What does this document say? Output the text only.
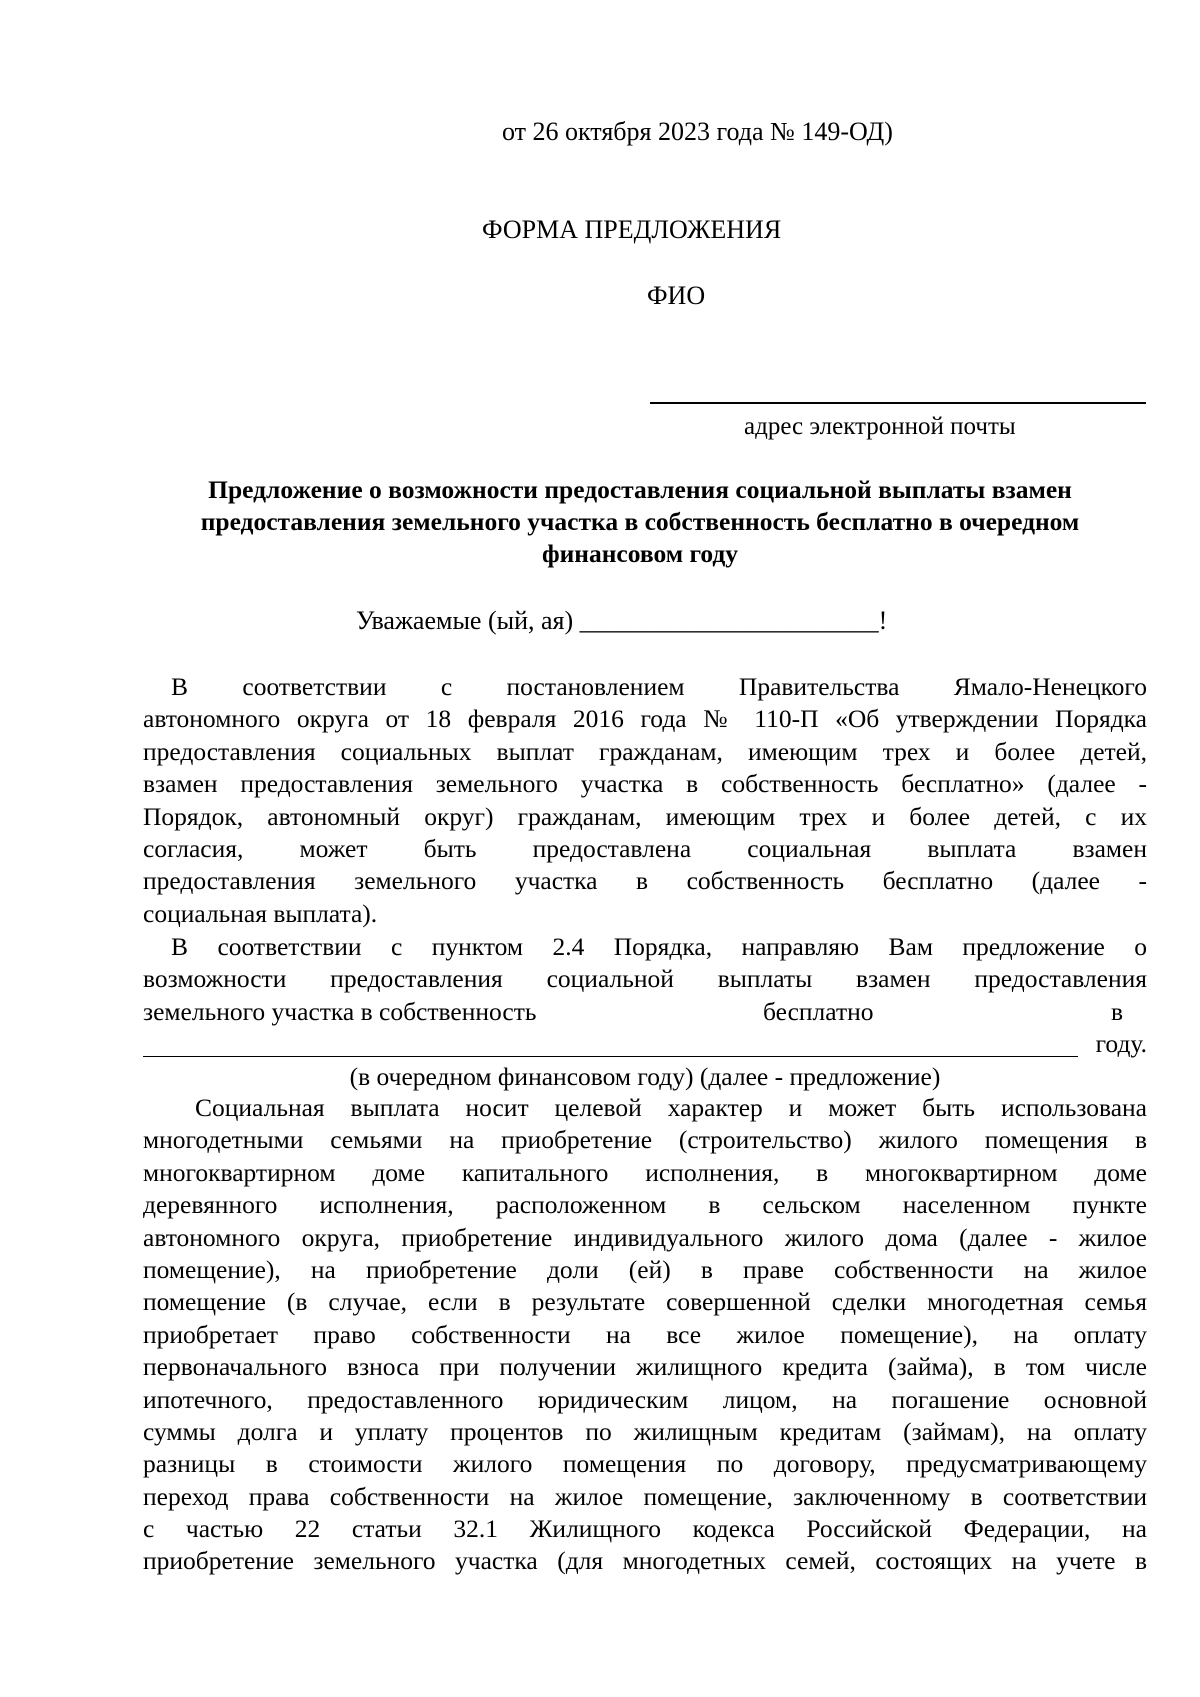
от 26 октября 2023 года № 149-ОД)
ФОРМА ПРЕДЛОЖЕНИЯ
ФИО
адрес электронной почты
Предложение о возможности предоставления социальной выплаты взамен
предоставления земельного участка в собственность бесплатно в очередном
финансовом году
Уважаемые (ый, ая) _______________________!
В соответствии с постановлением Правительства Ямало-Ненецкого
автономного округа от 18 февраля 2016 года № 110-П «Об утверждении Порядка
предоставления социальных выплат гражданам, имеющим трех и более детей,
взамен предоставления земельного участка в собственность бесплатно» (далее -
Порядок, автономный округ) гражданам, имеющим трех и более детей, с их
согласия, может быть предоставлена социальная выплата взамен
предоставления земельного участка в собственность бесплатно (далее -
социальная выплата).
В соответствии с пунктом 2.4 Порядка, направляю Вам предложение о
возможности предоставления социальной выплаты взамен предоставления
земельного участка в собственность	бесплатно	в
году.
(в очередном финансовом году) (далее - предложение)
Социальная выплата носит целевой характер и может быть использована
многодетными семьями на приобретение (строительство) жилого помещения в
многоквартирном доме капитального исполнения, в многоквартирном доме
деревянного исполнения, расположенном в сельском населенном пункте
автономного округа, приобретение индивидуального жилого дома (далее - жилое
помещение), на приобретение доли (ей) в праве собственности на жилое
помещение (в случае, если в результате совершенной сделки многодетная семья
приобретает право собственности на все жилое помещение), на оплату
первоначального взноса при получении жилищного кредита (займа), в том числе
ипотечного, предоставленного юридическим лицом, на погашение основной
суммы долга и уплату процентов по жилищным кредитам (займам), на оплату
разницы в стоимости жилого помещения по договору, предусматривающему
переход права собственности на жилое помещение, заключенному в соответствии
с частью 22 статьи 32.1 Жилищного кодекса Российской Федерации, на
приобретение земельного участка (для многодетных семей, состоящих на учете в
